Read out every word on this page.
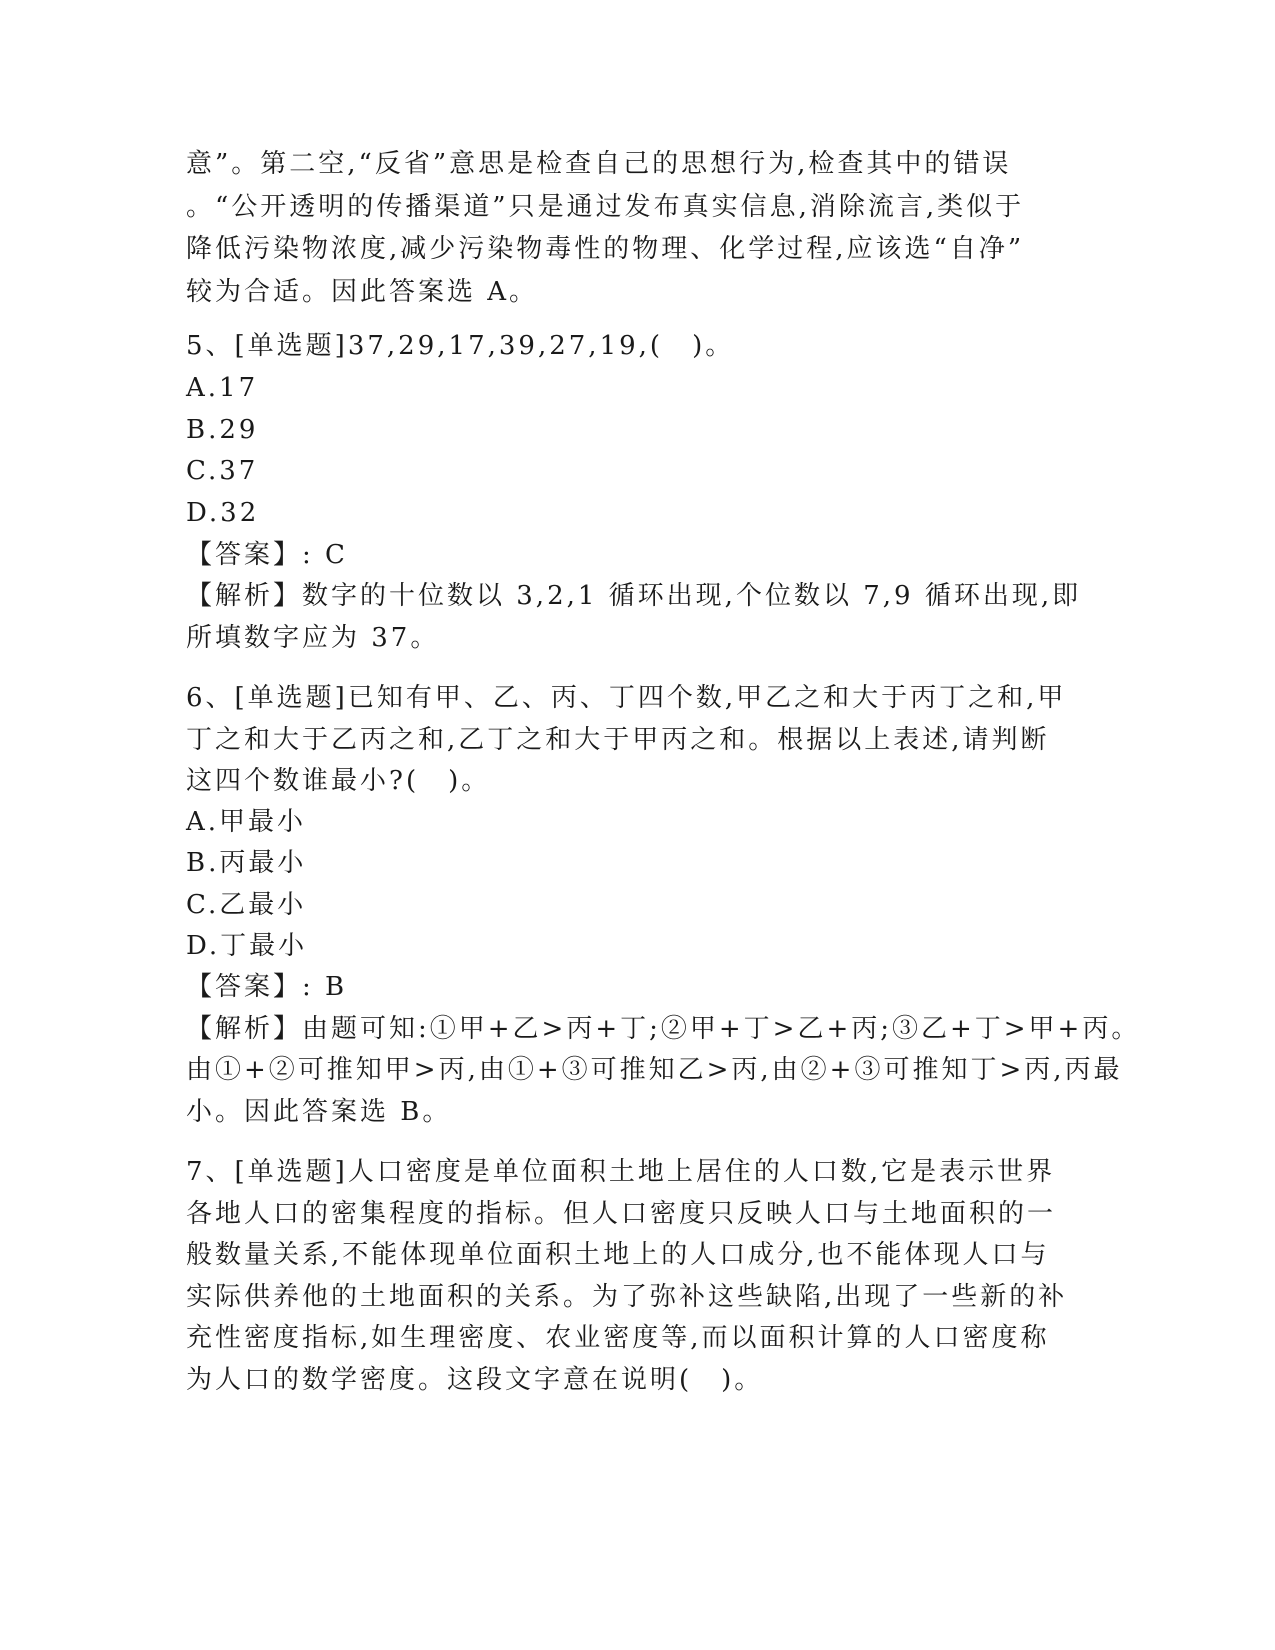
意”。第二空,“反省”意思是检查自己的思想行为,检查其中的错误
。“公开透明的传播渠道”只是通过发布真实信息,消除流言,类似于
降低污染物浓度,减少污染物毒性的物理、化学过程,应该选“自净”
较为合适。因此答案选 A。
5、[单选题]37,29,17,39,27,19,(　)。
A.17
B.29
C.37
D.32
【答案】: C
【解析】数字的十位数以 3,2,1 循环出现,个位数以 7,9 循环出现,即
所填数字应为 37。
6、[单选题]已知有甲、乙、丙、丁四个数,甲乙之和大于丙丁之和,甲
丁之和大于乙丙之和,乙丁之和大于甲丙之和。根据以上表述,请判断
这四个数谁最小?(　)。
A.甲最小
B.丙最小
C.乙最小
D.丁最小
【答案】: B
【解析】由题可知:①甲+乙>丙+丁;②甲+丁>乙+丙;③乙+丁>甲+丙。
由①+②可推知甲>丙,由①+③可推知乙>丙,由②+③可推知丁>丙,丙最
小。因此答案选 B。
7、[单选题]人口密度是单位面积土地上居住的人口数,它是表示世界
各地人口的密集程度的指标。但人口密度只反映人口与土地面积的一
般数量关系,不能体现单位面积土地上的人口成分,也不能体现人口与
实际供养他的土地面积的关系。为了弥补这些缺陷,出现了一些新的补
充性密度指标,如生理密度、农业密度等,而以面积计算的人口密度称
为人口的数学密度。这段文字意在说明(　)。
